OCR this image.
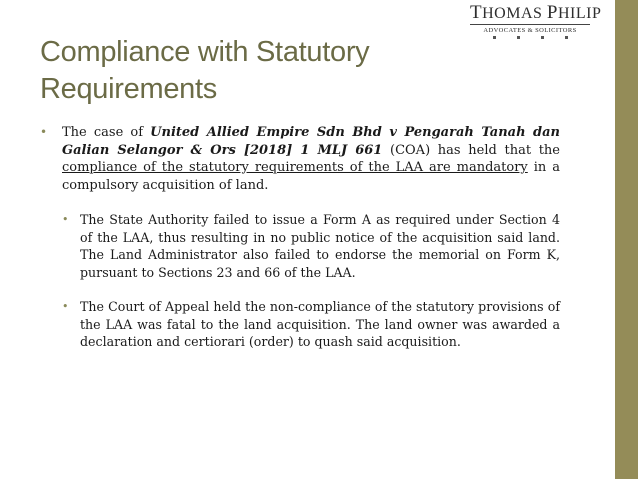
THOMAS PHILIP
ADVOCATES & SOLICITORS
Compliance with Statutory Requirements

• The case of United Allied Empire Sdn Bhd v Pengarah Tanah dan Galian Selangor & Ors [2018] 1 MLJ 661 (COA) has held that the compliance of the statutory requirements of the LAA are mandatory in a compulsory acquisition of land.

• The State Authority failed to issue a Form A as required under Section 4 of the LAA, thus resulting in no public notice of the acquisition said land. The Land Administrator also failed to endorse the memorial on Form K, pursuant to Sections 23 and 66 of the LAA.

• The Court of Appeal held the non-compliance of the statutory provisions of the LAA was fatal to the land acquisition. The land owner was awarded a declaration and certiorari (order) to quash said acquisition.
